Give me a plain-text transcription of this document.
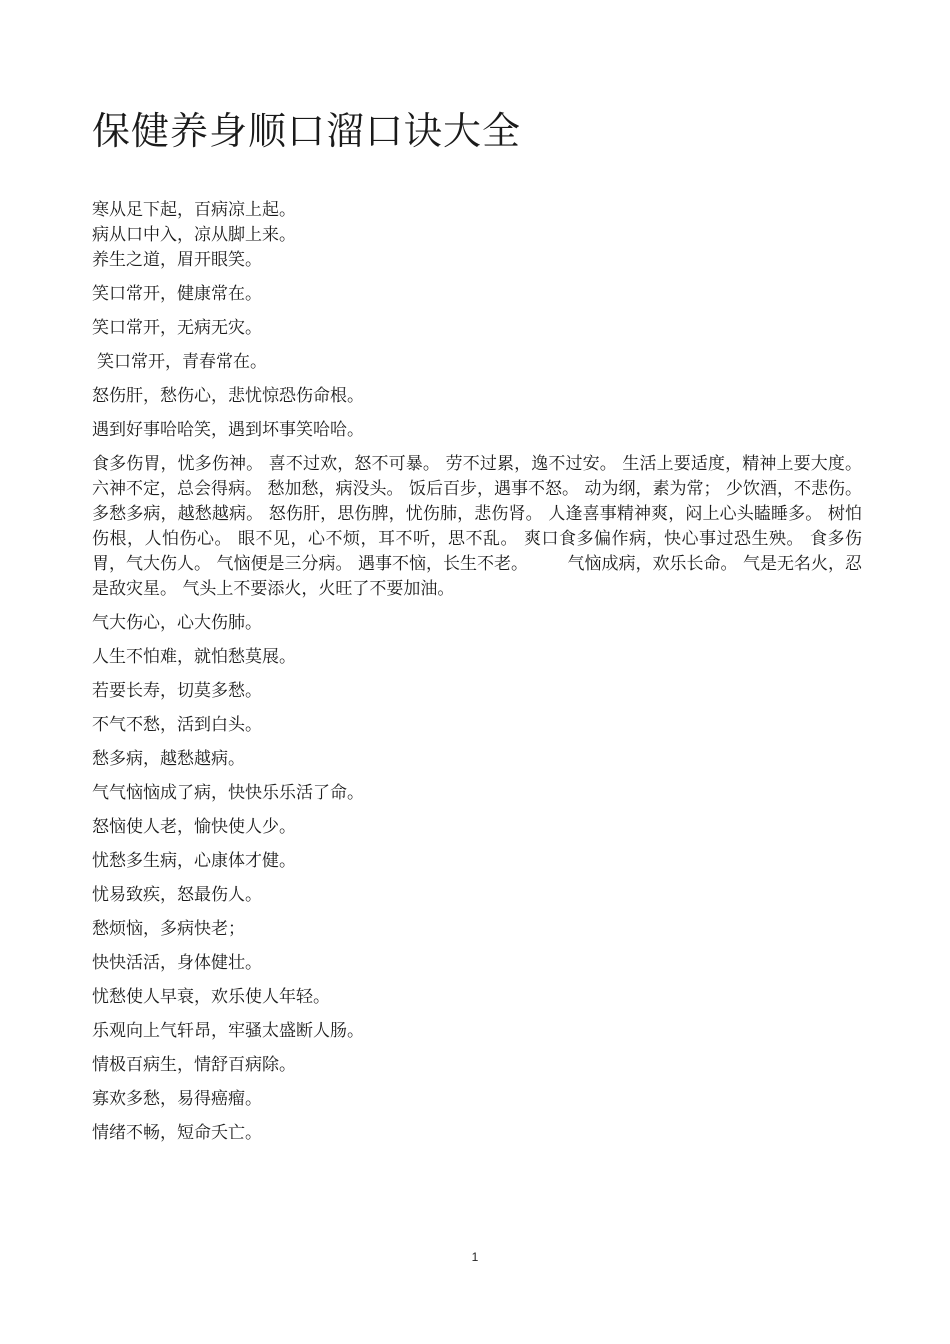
保健养身顺口溜口诀大全
寒从足下起，百病凉上起。
病从口中入，凉从脚上来。
养生之道，眉开眼笑。

笑口常开，健康常在。

笑口常开，无病无灾。

笑口常开，青春常在。

怒伤肝，愁伤心，悲忧惊恐伤命根。

遇到好事哈哈笑，遇到坏事笑哈哈。

食多伤胃，忧多伤神。 喜不过欢，怒不可暴。 劳不过累，逸不过安。 生活上要适度，精神上要大度。 六神不定，总会得病。 愁加愁，病没头。 饭后百步，遇事不怒。 动为纲，素为常； 少饮酒，不悲伤。 多愁多病，越愁越病。 怒伤肝，思伤脾，忧伤肺，悲伤肾。 人逢喜事精神爽，闷上心头瞌睡多。 树怕伤根，人怕伤心。 眼不见，心不烦，耳不听，思不乱。 爽口食多偏作病，快心事过恐生殃。 食多伤胃，气大伤人。 气恼便是三分病。 遇事不恼，长生不老。 　　气恼成病，欢乐长命。 气是无名火，忍是敌灾星。 气头上不要添火，火旺了不要加油。

气大伤心，心大伤肺。

人生不怕难，就怕愁莫展。

若要长寿，切莫多愁。

不气不愁，活到白头。

愁多病，越愁越病。

气气恼恼成了病，快快乐乐活了命。

怒恼使人老，愉快使人少。

忧愁多生病，心康体才健。

忧易致疾，怒最伤人。

愁烦恼，多病快老；

快快活活，身体健壮。

忧愁使人早衰，欢乐使人年轻。

乐观向上气轩昂，牢骚太盛断人肠。

情极百病生，情舒百病除。

寡欢多愁，易得癌瘤。

情绪不畅，短命夭亡。

1
